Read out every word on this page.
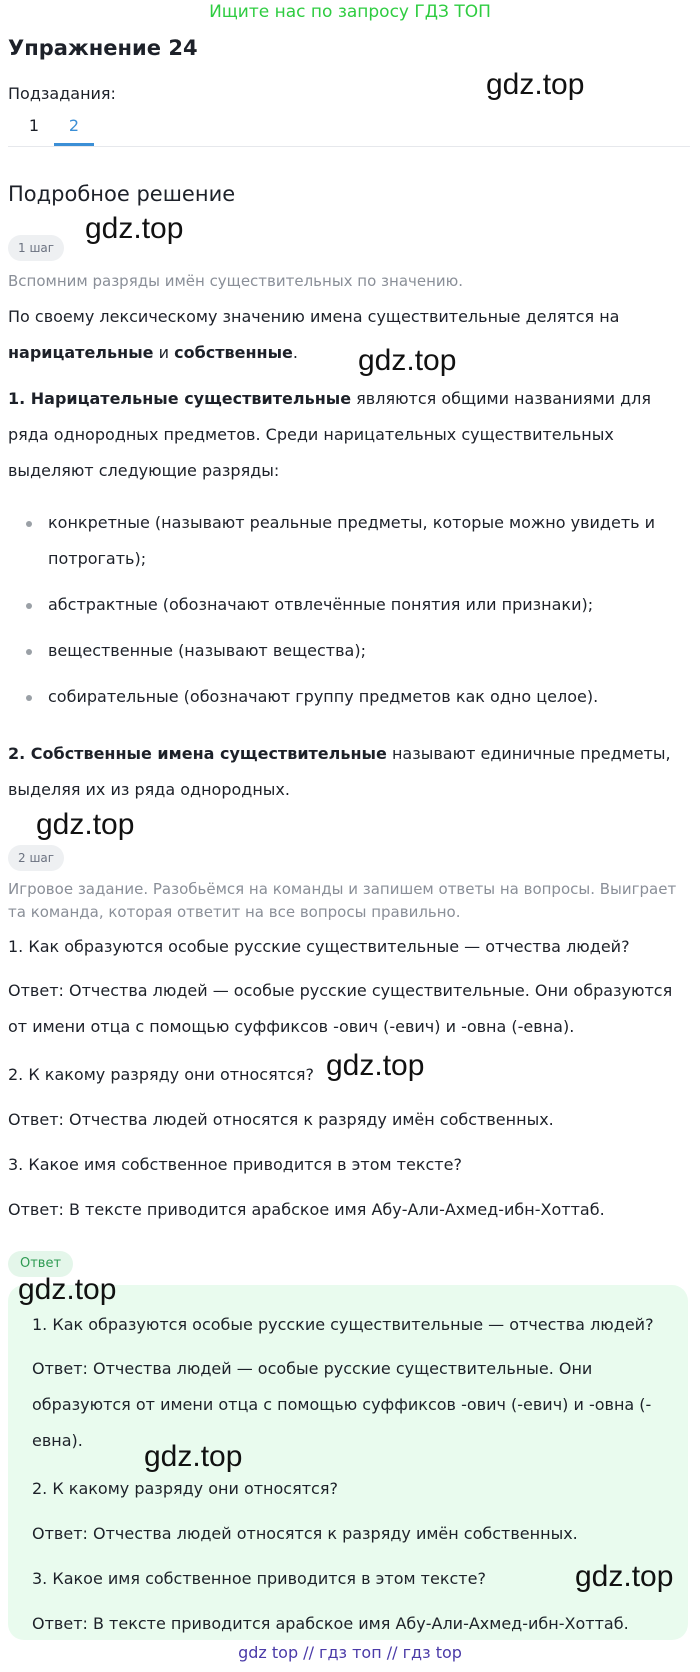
Ищите нас по запросу ГДЗ ТОП
Упражнение 24
gdz.top
Подзадания:
1	2
Подробное решение
1 шаг
gdz.top
Вспомним разряды имён существительных по значению.
По своему лексическому значению имена существительные делятся на
нарицательные и собственные.	gdz.top
1. Нарицательные существительные являются общими названиями для ряда однородных предметов. Среди нарицательных существительных выделяют следующие разряды:
конкретные (называют реальные предметы, которые можно увидеть и потрогать);
абстрактные (обозначают отвлечённые понятия или признаки);
вещественные (называют вещества);
собирательные (обозначают группу предметов как одно целое).
2. Собственные имена существительные называют единичные предметы, выделяя их из ряда однородных.
gdz.top
2 шаг
Игровое задание. Разобьёмся на команды и запишем ответы на вопросы. Выиграет та команда, которая ответит на все вопросы правильно.
1. Как образуются особые русские существительные — отчества людей?
Ответ: Отчества людей — особые русские существительные. Они образуются от имени отца с помощью суффиксов -ович (-евич) и -овна (-евна).
2. К какому разряду они относятся? gdz.top
Ответ: Отчества людей относятся к разряду имён собственных.
3. Какое имя собственное приводится в этом тексте?
Ответ: В тексте приводится арабское имя Абу-Али-Ахмед-ибн-Хоттаб.
Ответ
gdz.top
1. Как образуются особые русские существительные — отчества людей?
Ответ: Отчества людей — особые русские существительные. Они образуются от имени отца с помощью суффиксов -ович (-евич) и -овна (-евна).	gdz.top
2. К какому разряду они относятся?
Ответ: Отчества людей относятся к разряду имён собственных.
3. Какое имя собственное приводится в этом тексте?	gdz.top
Ответ: В тексте приводится арабское имя Абу-Али-Ахмед-ибн-Хоттаб.
gdz top // гдз топ // гдз top
